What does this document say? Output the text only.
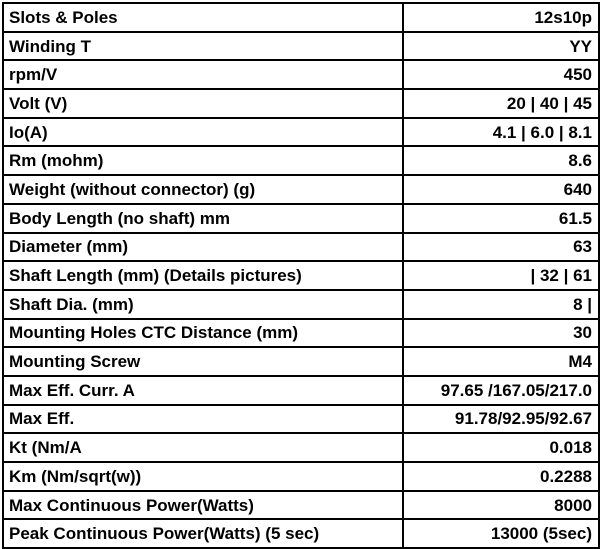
Slots & Poles	12s10p
Winding T	YY
rpm/V	450
Volt (V)	20 | 40 | 45
Io(A)	4.1 | 6.0 | 8.1
Rm (mohm)	8.6
Weight (without connector) (g)	640
Body Length (no shaft) mm	61.5
Diameter (mm)	63
Shaft Length (mm) (Details pictures)	| 32 | 61
Shaft Dia. (mm)	8 |
Mounting Holes CTC Distance (mm)	30
Mounting Screw	M4
Max Eff. Curr. A	97.65 /167.05/217.0
Max Eff.	91.78/92.95/92.67
Kt (Nm/A	0.018
Km (Nm/sqrt(w))	0.2288
Max Continuous Power(Watts)	8000
Peak Continuous Power(Watts) (5 sec)	13000 (5sec)
